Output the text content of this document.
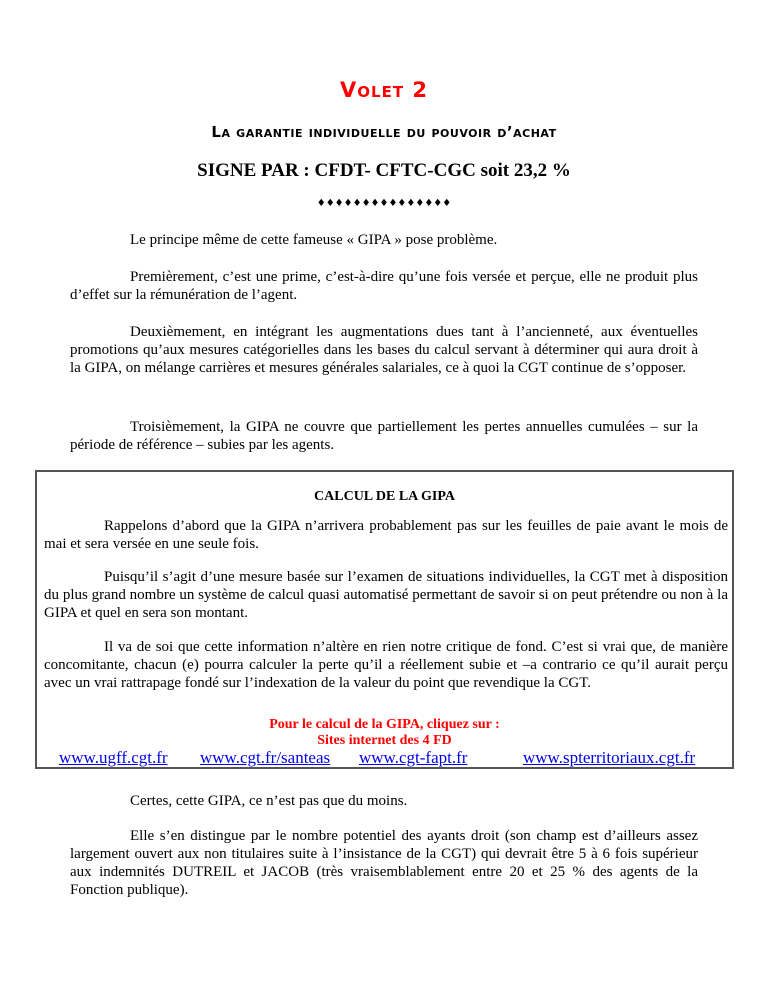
Volet 2
La garantie individuelle du pouvoir d’achat
SIGNE PAR : CFDT- CFTC-CGC soit 23,2 %
♦♦♦♦♦♦♦♦♦♦♦♦♦♦♦

Le principe même de cette fameuse « GIPA » pose problème.

Premièrement, c’est une prime, c’est-à-dire qu’une fois versée et perçue, elle ne produit plus d’effet sur la rémunération de l’agent.

Deuxièmement, en intégrant les augmentations dues tant à l’ancienneté, aux éventuelles promotions qu’aux mesures catégorielles dans les bases du calcul servant à déterminer qui aura droit à la GIPA, on mélange carrières et mesures générales salariales, ce à quoi la CGT continue de s’opposer.

Troisièmement, la GIPA ne couvre que partiellement les pertes annuelles cumulées – sur la période de référence – subies par les agents.

CALCUL DE LA GIPA

Rappelons d’abord que la GIPA n’arrivera probablement pas sur les feuilles de paie avant le mois de mai et sera versée en une seule fois.

Puisqu’il s’agit d’une mesure basée sur l’examen de situations individuelles, la CGT met à disposition du plus grand nombre un système de calcul quasi automatisé permettant de savoir si on peut prétendre ou non à la GIPA et quel en sera son montant.

Il va de soi que cette information n’altère en rien notre critique de fond. C’est si vrai que, de manière concomitante, chacun (e) pourra calculer la perte qu’il a réellement subie et –a contrario ce qu’il aurait perçu avec un vrai rattrapage fondé sur l’indexation de la valeur du point que revendique la CGT.

Pour le calcul de la GIPA, cliquez sur :
Sites internet des 4 FD
www.ugff.cgt.fr www.cgt.fr/santeas www.cgt-fapt.fr	www.spterritoriaux.cgt.fr

Certes, cette GIPA, ce n’est pas que du moins.

Elle s’en distingue par le nombre potentiel des ayants droit (son champ est d’ailleurs assez largement ouvert aux non titulaires suite à l’insistance de la CGT) qui devrait être 5 à 6 fois supérieur aux indemnités DUTREIL et JACOB (très vraisemblablement entre 20 et 25 % des agents de la Fonction publique).
